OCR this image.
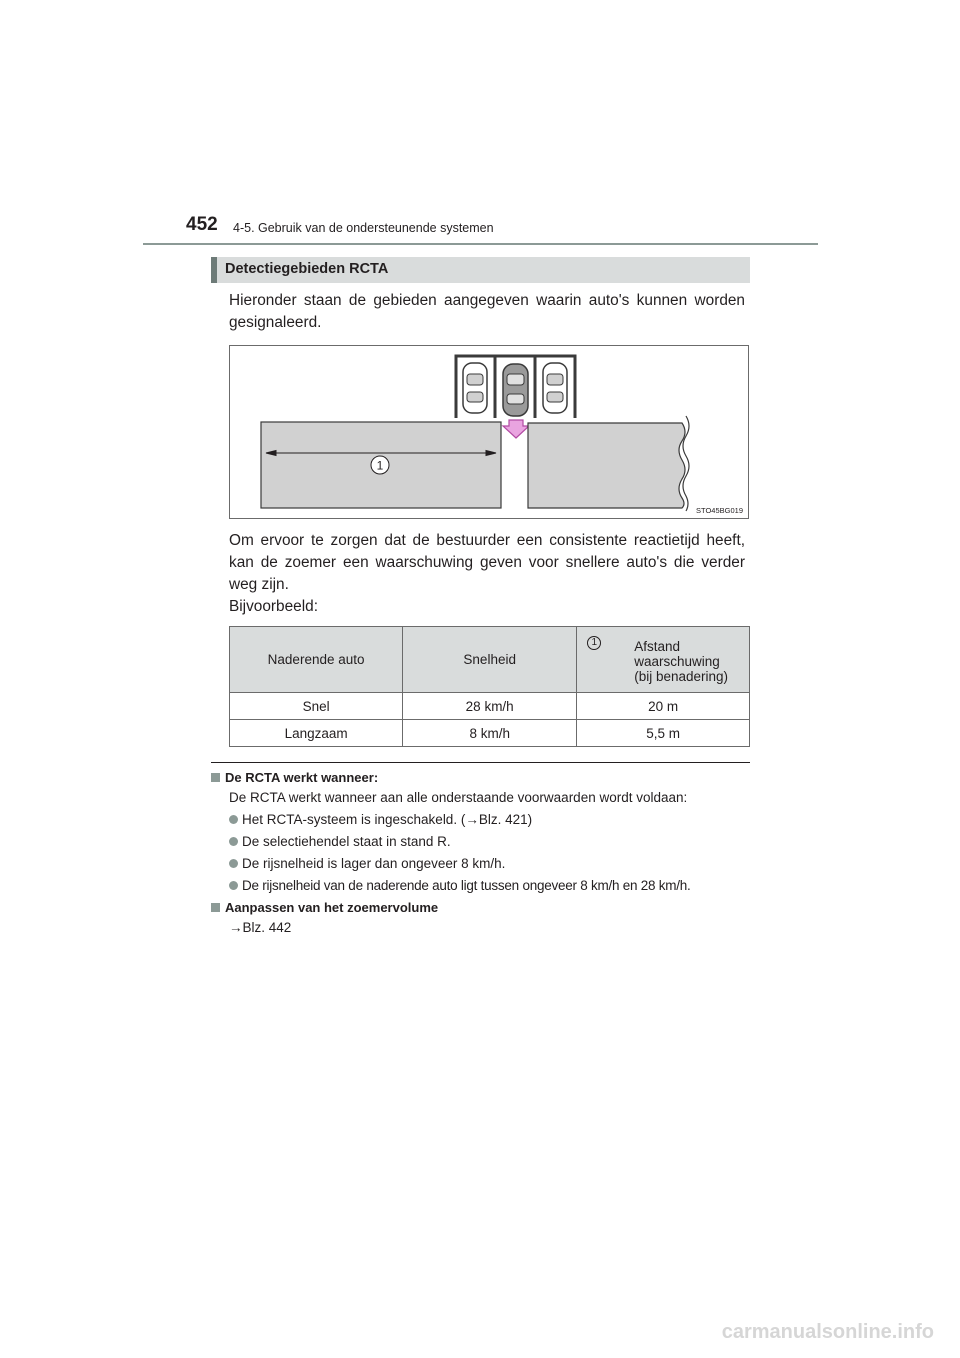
452 4-5. Gebruik van de ondersteunende systemen
Detectiegebieden RCTA
Hieronder staan de gebieden aangegeven waarin auto's kunnen worden gesignaleerd.
1
STO45BG019
Om ervoor te zorgen dat de bestuurder een consistente reactietijd heeft, kan de zoemer een waarschuwing geven voor snellere auto's die verder weg zijn.
Bijvoorbeeld:
Naderende auto	Snelheid	1 Afstand
waarschuwing
(bij benadering)

Snel	28 km/h	20 m
Langzaam	8 km/h	5,5 m
De RCTA werkt wanneer:
De RCTA werkt wanneer aan alle onderstaande voorwaarden wordt voldaan:
Het RCTA-systeem is ingeschakeld. (→Blz. 421)
De selectiehendel staat in stand R.
De rijsnelheid is lager dan ongeveer 8 km/h.
De rijsnelheid van de naderende auto ligt tussen ongeveer 8 km/h en 28 km/h.
Aanpassen van het zoemervolume
→Blz. 442
carmanualsonline.info
